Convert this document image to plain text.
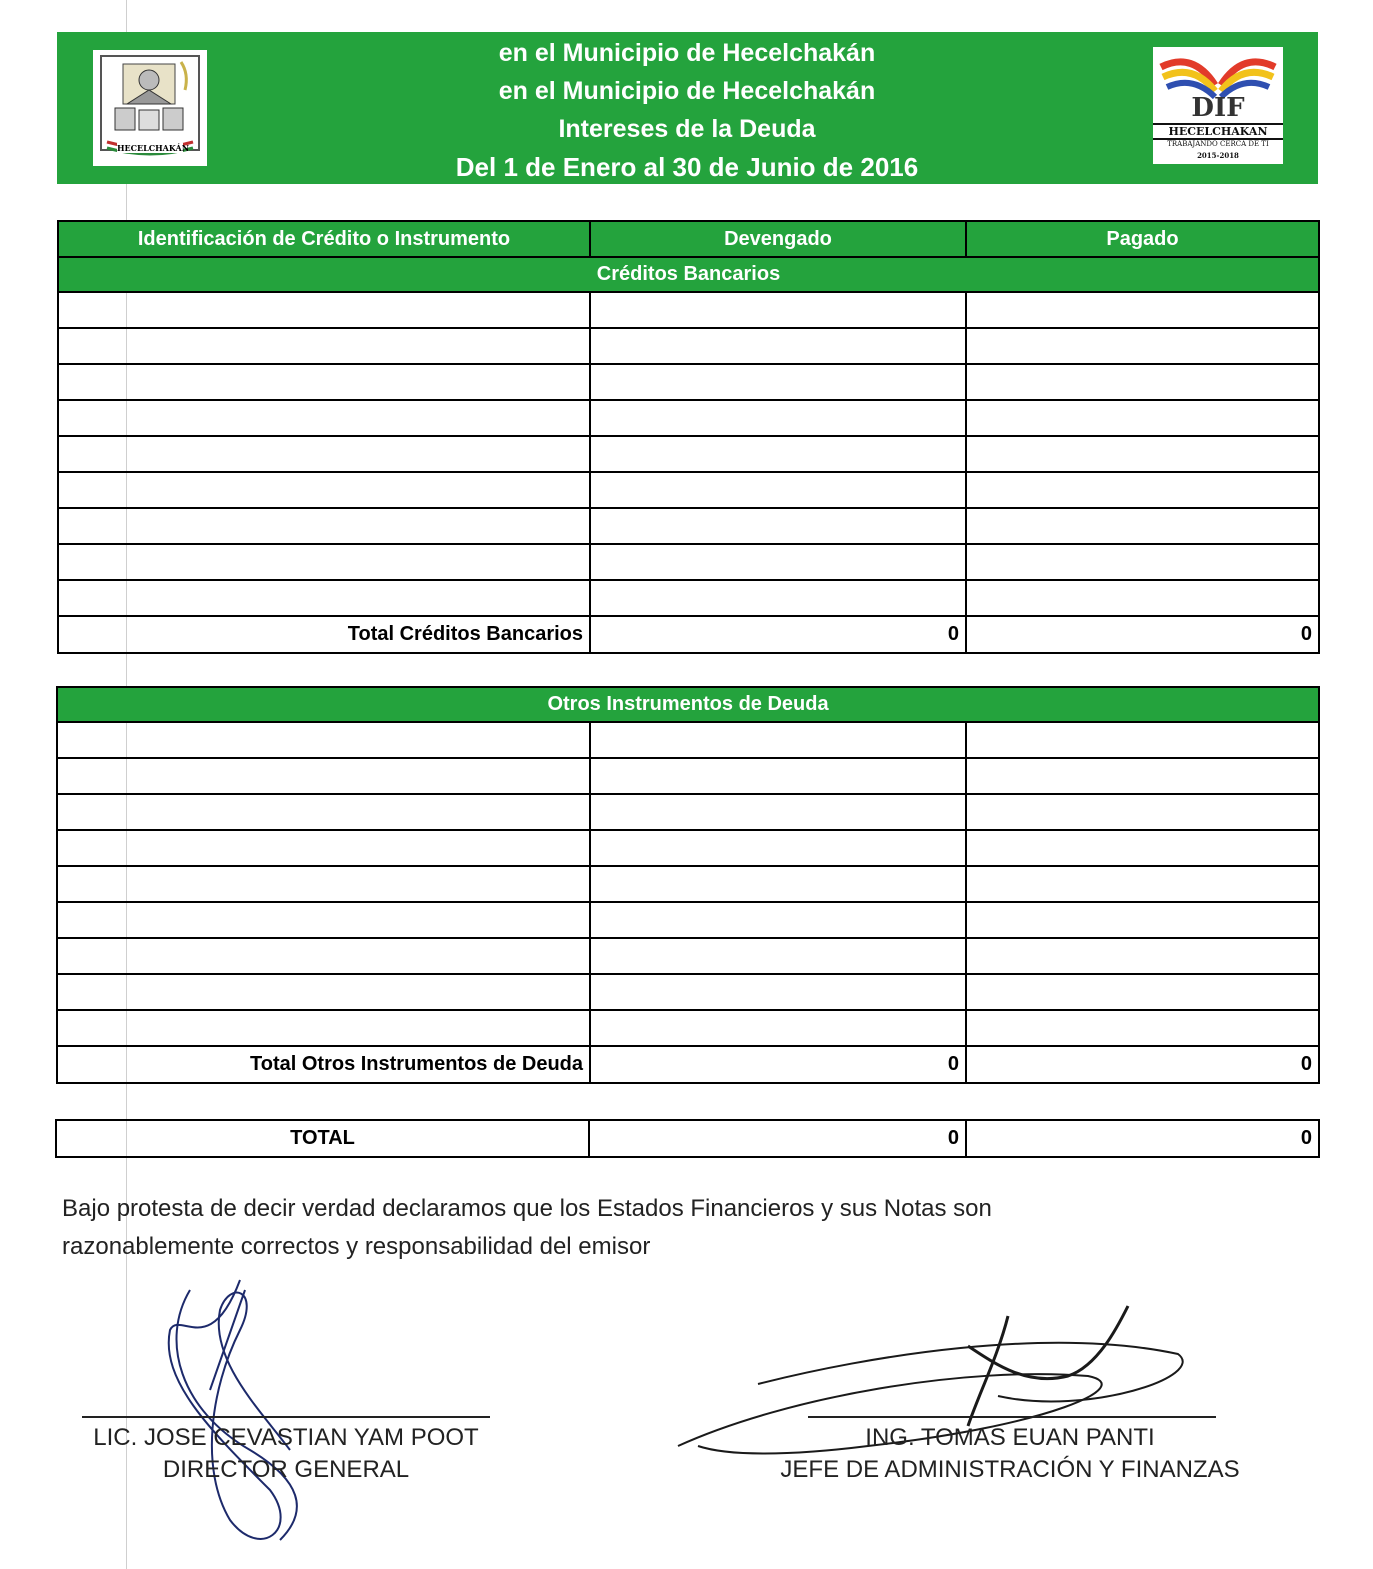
HECELCHAKÁN
en el Municipio de Hecelchakán
en el Municipio de Hecelchakán
Intereses de la Deuda
Del 1 de Enero al 30 de Junio de 2016
DIF
HECELCHAKAN
TRABAJANDO CERCA DE TI
2015-2018
Identificación de Crédito o Instrumento	Devengado	Pagado
Créditos Bancarios		

Total Créditos Bancarios	0	0
Otros Instrumentos de Deuda		

Total Otros Instrumentos de Deuda	0	0
TOTAL	0	0
Bajo protesta de decir verdad declaramos que los Estados Financieros y sus Notas son
razonablemente correctos y responsabilidad del emisor
LIC. JOSE CEVASTIAN YAM POOT
DIRECTOR GENERAL
ING. TOMAS EUAN PANTI
JEFE DE ADMINISTRACIÓN Y FINANZAS
